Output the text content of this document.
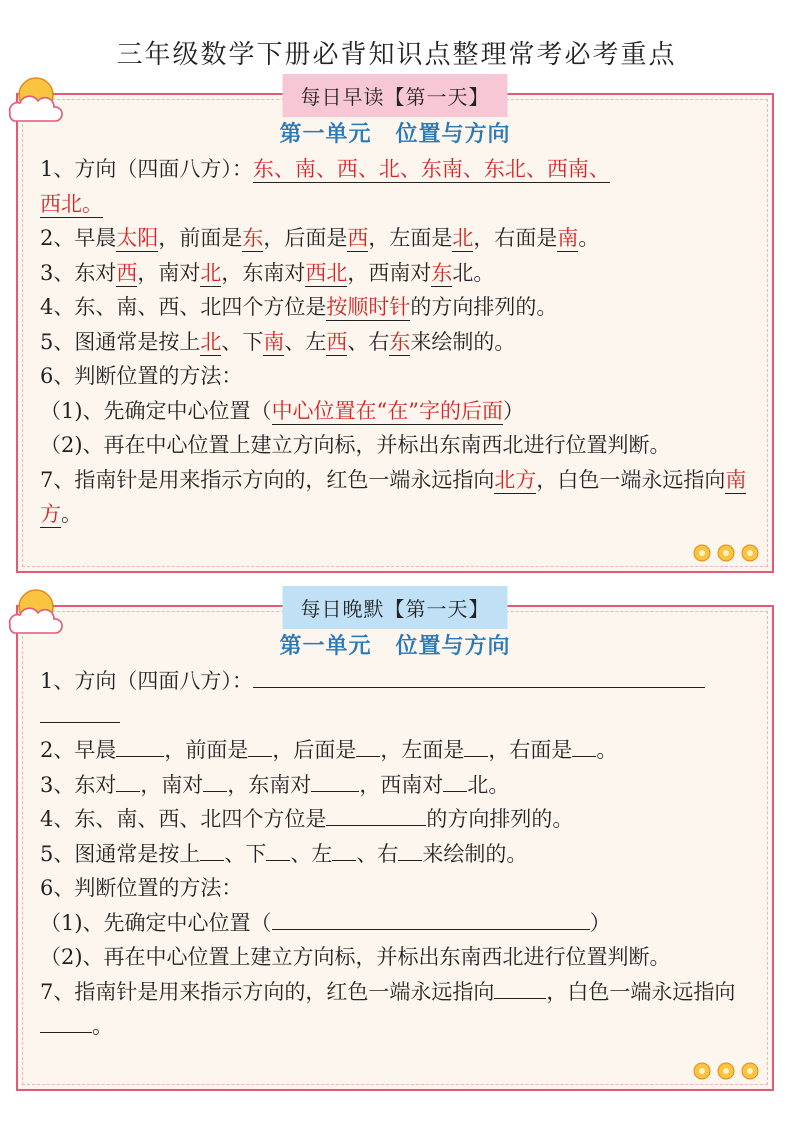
三年级数学下册必背知识点整理常考必考重点
每日早读【第一天】
第一单元 位置与方向
1、方向（四面八方）：东、南、西、北、东南、东北、西南、
西北。
2、早晨太阳，前面是东，后面是西，左面是北，右面是南。
3、东对西，南对北，东南对西北，西南对东北。
4、东、南、西、北四个方位是按顺时针的方向排列的。
5、图通常是按上北、下南、左西、右东来绘制的。
6、判断位置的方法：
（1)、先确定中心位置（中心位置在“在”字的后面）
（2)、再在中心位置上建立方向标，并标出东南西北进行位置判断。
7、指南针是用来指示方向的，红色一端永远指向北方，白色一端永远指向南方。
每日晚默【第一天】
第一单元 位置与方向
1、方向（四面八方）：
2、早晨 ，前面是 ，后面是 ，左面是 ，右面是 。
3、东对 ，南对 ，东南对 ，西南对 北。
4、东、南、西、北四个方位是	的方向排列的。
5、图通常是按上 、下 、左 、右 来绘制的。
6、判断位置的方法：
（1)、先确定中心位置（	）
（2)、再在中心位置上建立方向标，并标出东南西北进行位置判断。
7、指南针是用来指示方向的，红色一端永远指向 ，白色一端永远指向。
